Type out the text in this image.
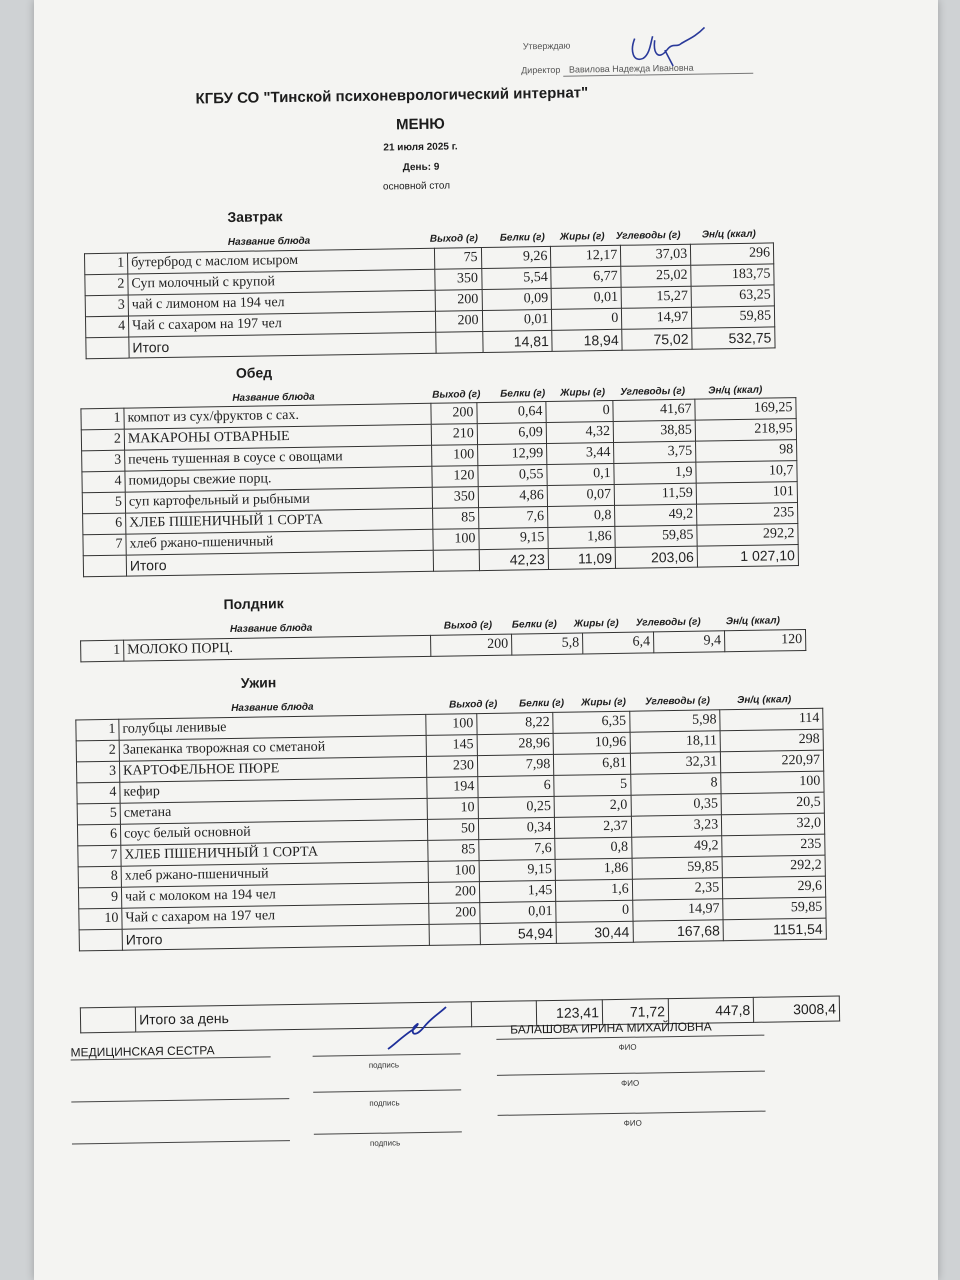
Утверждаю
Директор Вавилова Надежда Ивановна
КГБУ СО "Тинской психоневрологический интернат"
МЕНЮ
21 июля 2025 г.
День: 9
основной стол
Завтрак
Название блюда	Выход (г) Белки (г) Жиры (г) Углеводы (г) Эн/ц (ккал)
1	бутерброд с маслом исыром	75	9,26	12,17	37,03	296
2	Суп молочный с крупой	350	5,54	6,77	25,02	183,75
3	чай с лимоном на 194 чел	200	0,09	0,01	15,27	63,25
4	Чай с сахаром на 197 чел	200	0,01	0	14,97	59,85
	Итого		14,81	18,94	75,02	532,75
Обед
Название блюда	Выход (г) Белки (г) Жиры (г) Углеводы (г) Эн/ц (ккал)
1	компот из сух/фруктов с сах.	200	0,64	0	41,67	169,25
2	МАКАРОНЫ ОТВАРНЫЕ	210	6,09	4,32	38,85	218,95
3	печень тушенная в соусе с овощами	100	12,99	3,44	3,75	98
4	помидоры свежие порц.	120	0,55	0,1	1,9	10,7
5	суп картофельный и рыбными	350	4,86	0,07	11,59	101
6	ХЛЕБ ПШЕНИЧНЫЙ 1 СОРТА	85	7,6	0,8	49,2	235
7	хлеб ржано-пшеничный	100	9,15	1,86	59,85	292,2
	Итого		42,23	11,09	203,06	1 027,10
Полдник
Название блюда	Выход (г) Белки (г) Жиры (г) Углеводы (г)	Эн/ц (ккал)
1	МОЛОКО ПОРЦ.	200	5,8	6,4	9,4	120
Ужин
Название блюда	Выход (г) Белки (г) Жиры (г) Углеводы (г)	Эн/ц (ккал)
1	голубцы ленивые	100	8,22	6,35	5,98	114
2	Запеканка творожная со сметаной	145	28,96	10,96	18,11	298
3	КАРТОФЕЛЬНОЕ ПЮРЕ	230	7,98	6,81	32,31	220,97
4	кефир	194	6	5	8	100
5	сметана	10	0,25	2,0	0,35	20,5
6	соус белый основной	50	0,34	2,37	3,23	32,0
7	ХЛЕБ ПШЕНИЧНЫЙ 1 СОРТА	85	7,6	0,8	49,2	235
8	хлеб ржано-пшеничный	100	9,15	1,86	59,85	292,2
9	чай с молоком на 194 чел	200	1,45	1,6	2,35	29,6
10	Чай с сахаром на 197 чел	200	0,01	0	14,97	59,85
	Итого		54,94	30,44	167,68	1151,54
	Итого за день		123,41	71,72	447,8	3008,4
МЕДИЦИНСКАЯ СЕСТРА
подпись
БАЛАШОВА ИРИНА МИХАЙЛОВНА
ФИО
подпись
ФИО
подпись
ФИО
